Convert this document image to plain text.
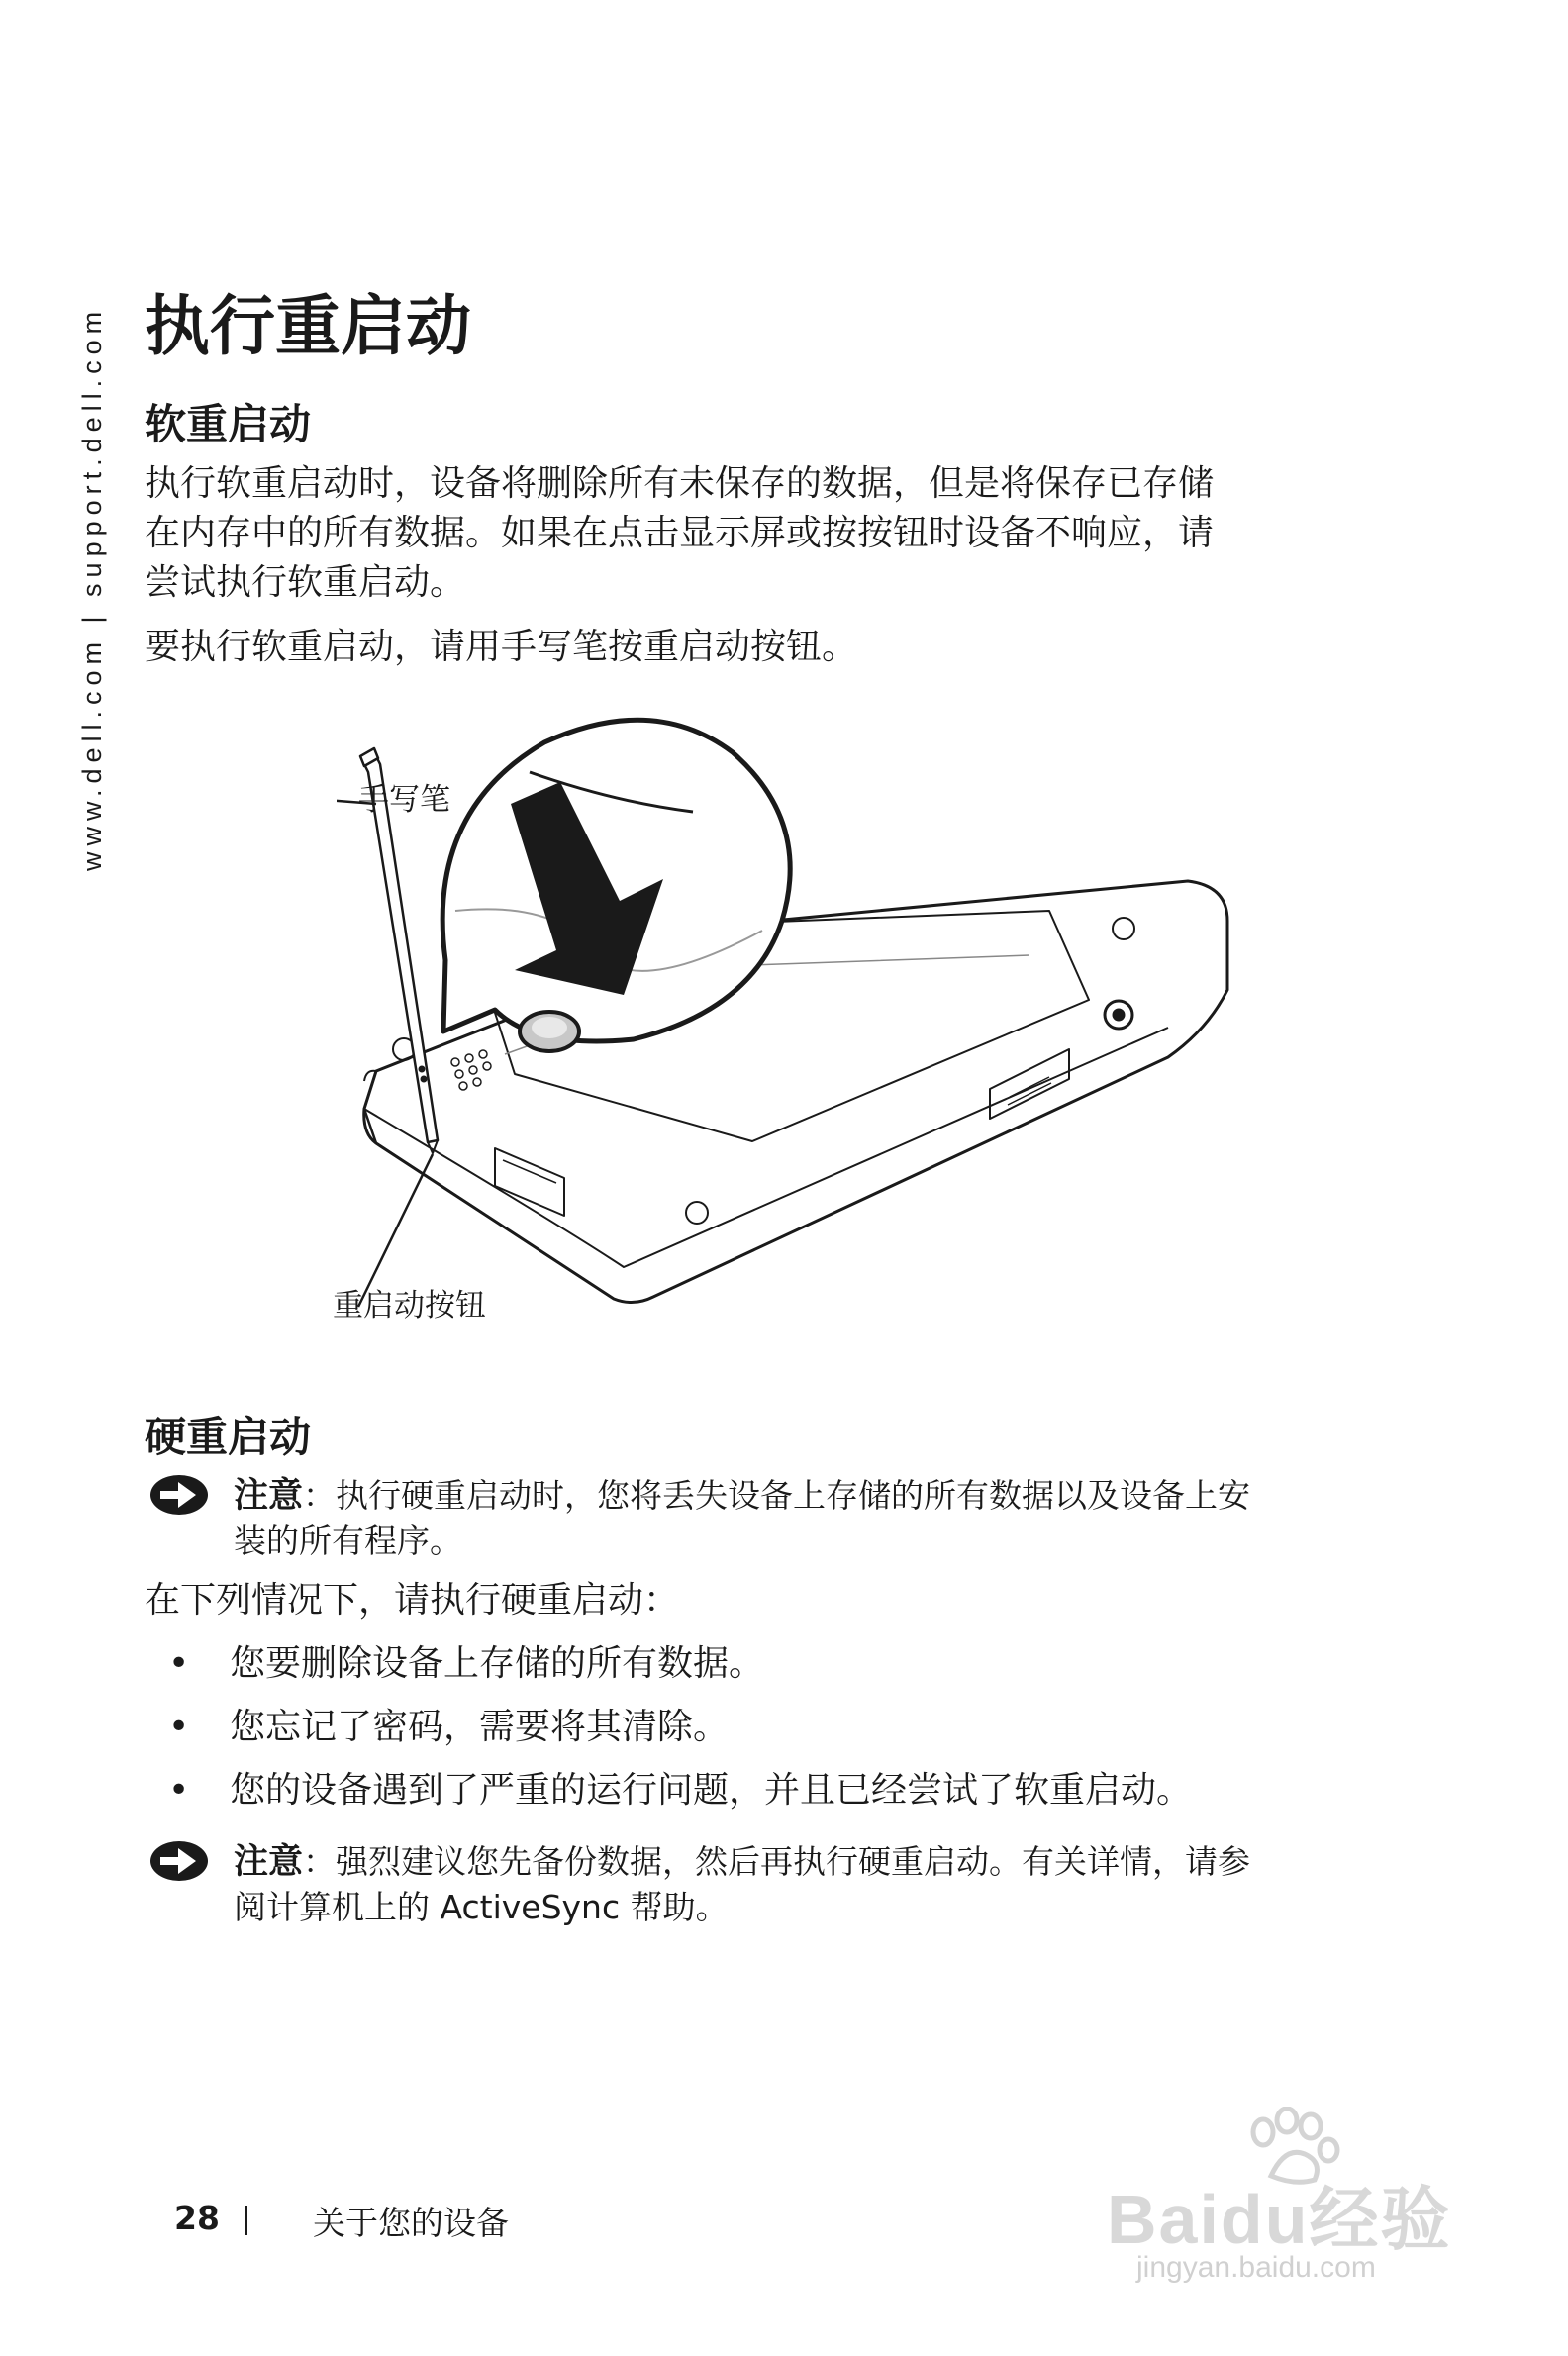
www.dell.com | support.dell.com 执行重启动
软重启动
执行软重启动时，设备将删除所有未保存的数据，但是将保存已存储
在内存中的所有数据。如果在点击显示屏或按按钮时设备不响应，请
尝试执行软重启动。
要执行软重启动，请用手写笔按重启动按钮。
手写笔
重启动按钮
硬重启动
注意：执行硬重启动时，您将丢失设备上存储的所有数据以及设备上安
装的所有程序。
在下列情况下，请执行硬重启动：
• 您要删除设备上存储的所有数据。
• 您忘记了密码，需要将其清除。
• 您的设备遇到了严重的运行问题，并且已经尝试了软重启动。
注意：强烈建议您先备份数据，然后再执行硬重启动。有关详情，请参
阅计算机上的 ActiveSync 帮助。
28	关于您的设备	Baidu经验
jingyan.baidu.com
